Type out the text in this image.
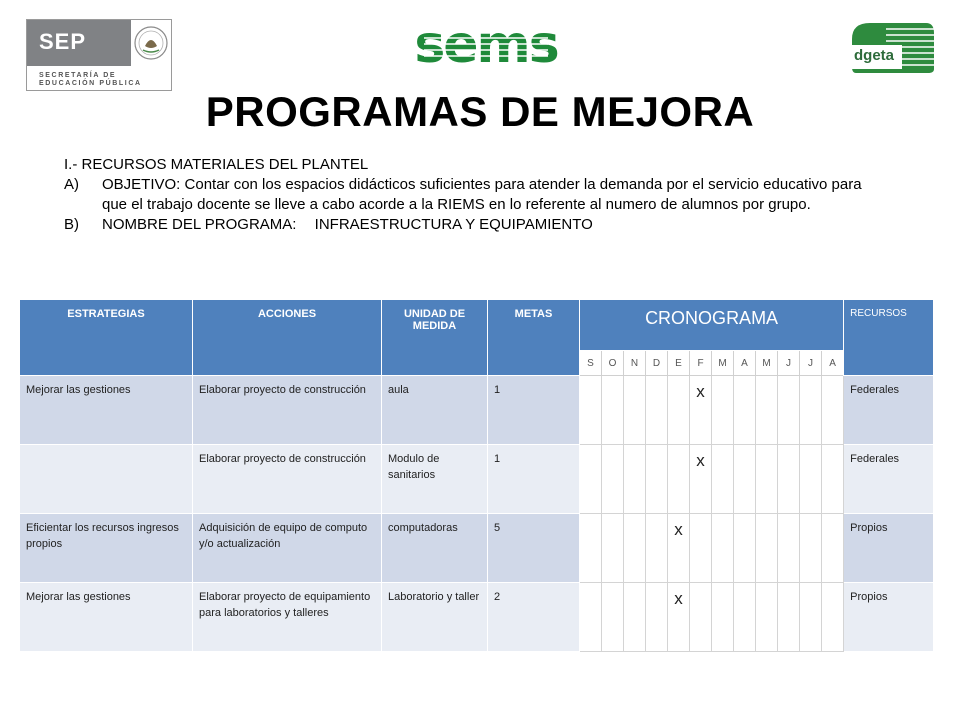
SEP
SECRETARÍA DE
EDUCACIÓN PÚBLICA
sems	dgeta
PROGRAMAS DE MEJORA
I.- RECURSOS MATERIALES DEL PLANTEL
A) OBJETIVO: Contar con los espacios didácticos suficientes para atender la demanda por el servicio educativo para que el trabajo docente se lleve a cabo acorde a la RIEMS en lo referente al numero de alumnos por grupo.
B) NOMBRE DEL PROGRAMA: INFRAESTRUCTURA Y EQUIPAMIENTO
ESTRATEGIAS	ACCIONES	UNIDAD DE MEDIDA	METAS	CRONOGRAMA												RECURSOS
				S	O	N	D	E	F	M	A	M	J	J	A	
Mejorar las gestiones	Elaborar proyecto de construcción	aula	1						x							Federales
	Elaborar proyecto de construcción	Modulo de sanitarios	1						x							Federales
Eficientar los recursos ingresos propios	Adquisición de equipo de computo y/o actualización	computadoras	5					x								Propios
Mejorar las gestiones	Elaborar proyecto de equipamiento para laboratorios y talleres	Laboratorio y taller	2					x								Propios
